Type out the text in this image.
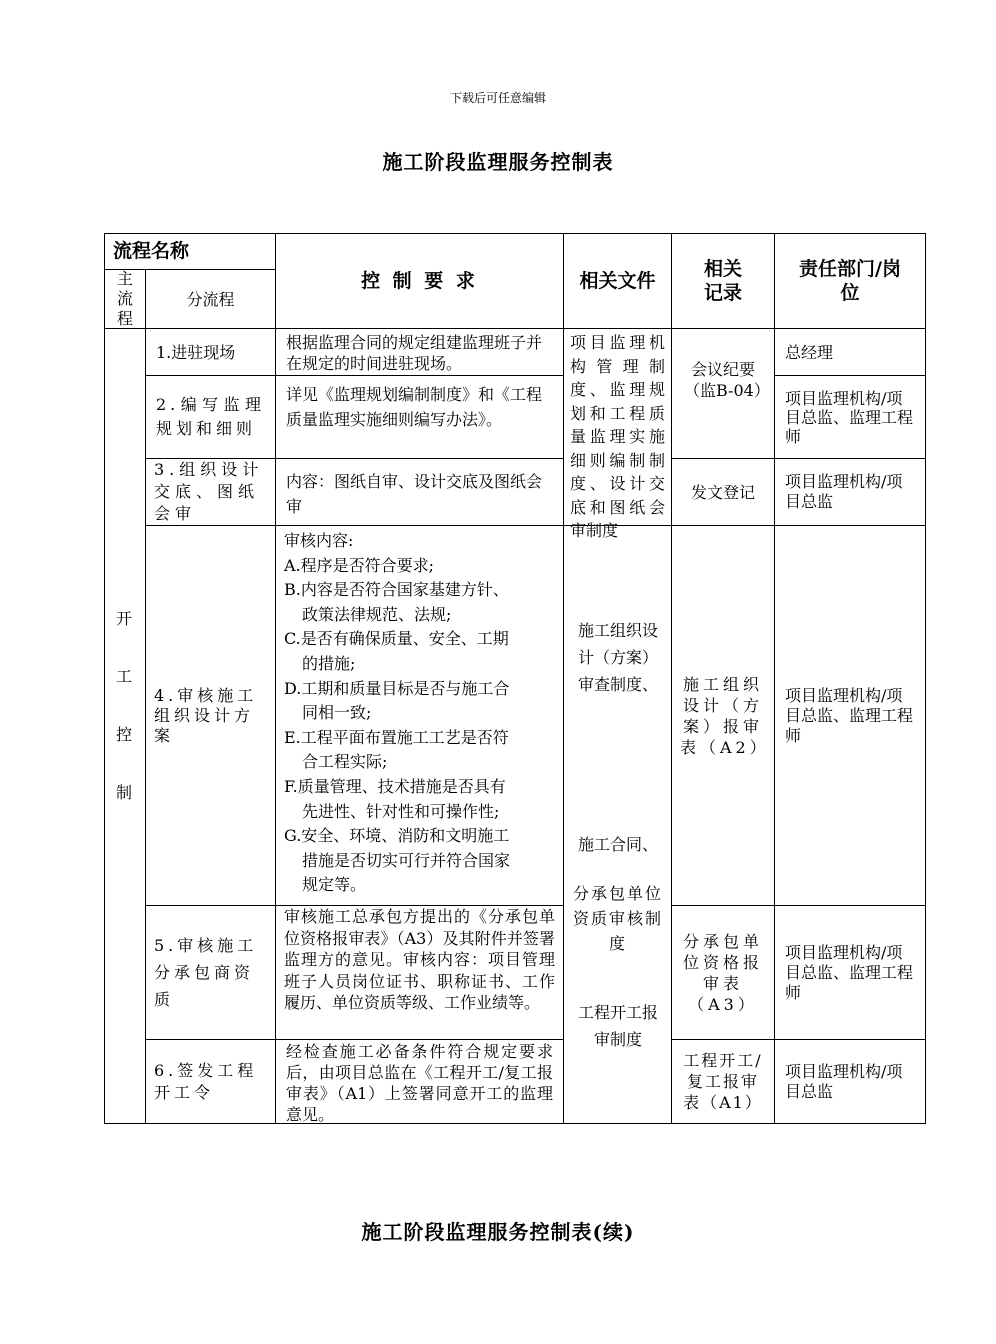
下载后可任意编辑
施工阶段监理服务控制表
流程名称
主流程
分流程
控 制 要 求	相关文件
相关记录
责任部门/岗位
开工控制
1.进驻现场
2.编写监理规划和细则
3.组织设计交底、图纸会审
4.审核施工组织设计方案
5.审核施工分承包商资质
6.签发工程开工令
根据监理合同的规定组建监理班子并在规定的时间进驻现场。
详见《监理规划编制制度》和《工程质量监理实施细则编写办法》。
内容：图纸自审、设计交底及图纸会审
审核内容:
A.程序是否符合要求;
B.内容是否符合国家基建方针、
政策法律规范、法规;
C.是否有确保质量、安全、工期
的措施;
D.工期和质量目标是否与施工合
同相一致;
E.工程平面布置施工工艺是否符
合工程实际;
F.质量管理、技术措施是否具有
先进性、针对性和可操作性;
G.安全、环境、消防和文明施工
措施是否切实可行并符合国家
规定等。
审核施工总承包方提出的《分承包单位资格报审表》（A3）及其附件并签署监理方的意见。审核内容：项目管理班子人员岗位证书、职称证书、工作履历、单位资质等级、工作业绩等。
经检查施工必备条件符合规定要求后，由项目总监在《工程开工/复工报审表》（A1）上签署同意开工的监理意见。
项目监理机构管理制度、监理规划和工程质量监理实施细则编制制度、设计交底和图纸会审制度
施工组织设计（方案）审查制度、
施工合同、
分承包单位资质审核制度
工程开工报审制度
会议纪要（监B-04）
发文登记
施工组织设计（方案）报审表（A2）
分承包单位资格报审表（A3）
工程开工/复工报审表（A1）
总经理
项目监理机构/项目总监、监理工程师
项目监理机构/项目总监
项目监理机构/项目总监、监理工程师
项目监理机构/项目总监、监理工程师
项目监理机构/项目总监
施工阶段监理服务控制表(续)
